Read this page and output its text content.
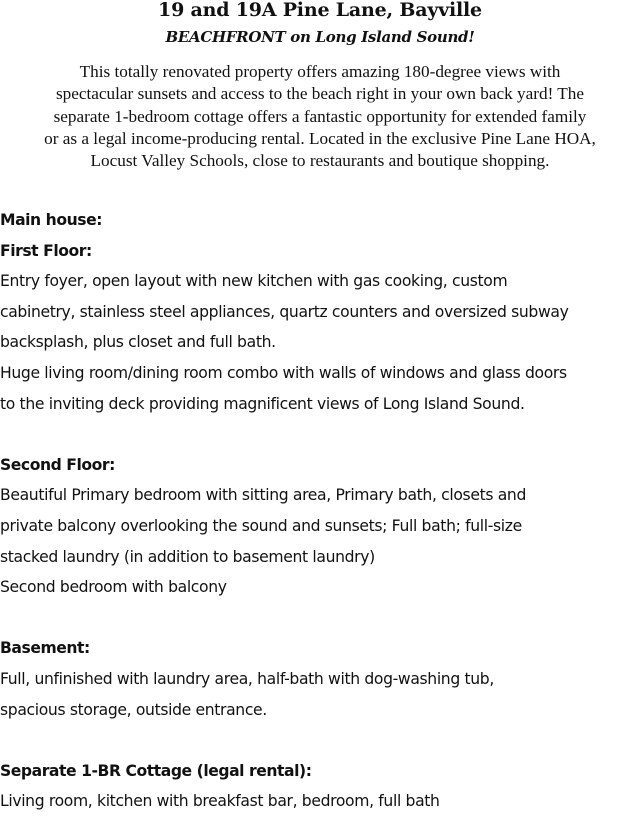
19 and 19A Pine Lane, Bayville
BEACHFRONT on Long Island Sound!
This totally renovated property offers amazing 180-degree views with
spectacular sunsets and access to the beach right in your own back yard! The
separate 1-bedroom cottage offers a fantastic opportunity for extended family
or as a legal income-producing rental. Located in the exclusive Pine Lane HOA,
Locust Valley Schools, close to restaurants and boutique shopping.
Main house:
First Floor:
Entry foyer, open layout with new kitchen with gas cooking, custom
cabinetry, stainless steel appliances, quartz counters and oversized subway
backsplash, plus closet and full bath.
Huge living room/dining room combo with walls of windows and glass doors
to the inviting deck providing magnificent views of Long Island Sound.
Second Floor:
Beautiful Primary bedroom with sitting area, Primary bath, closets and
private balcony overlooking the sound and sunsets; Full bath; full-size
stacked laundry (in addition to basement laundry)
Second bedroom with balcony
Basement:
Full, unfinished with laundry area, half-bath with dog-washing tub,
spacious storage, outside entrance.
Separate 1-BR Cottage (legal rental):
Living room, kitchen with breakfast bar, bedroom, full bath
